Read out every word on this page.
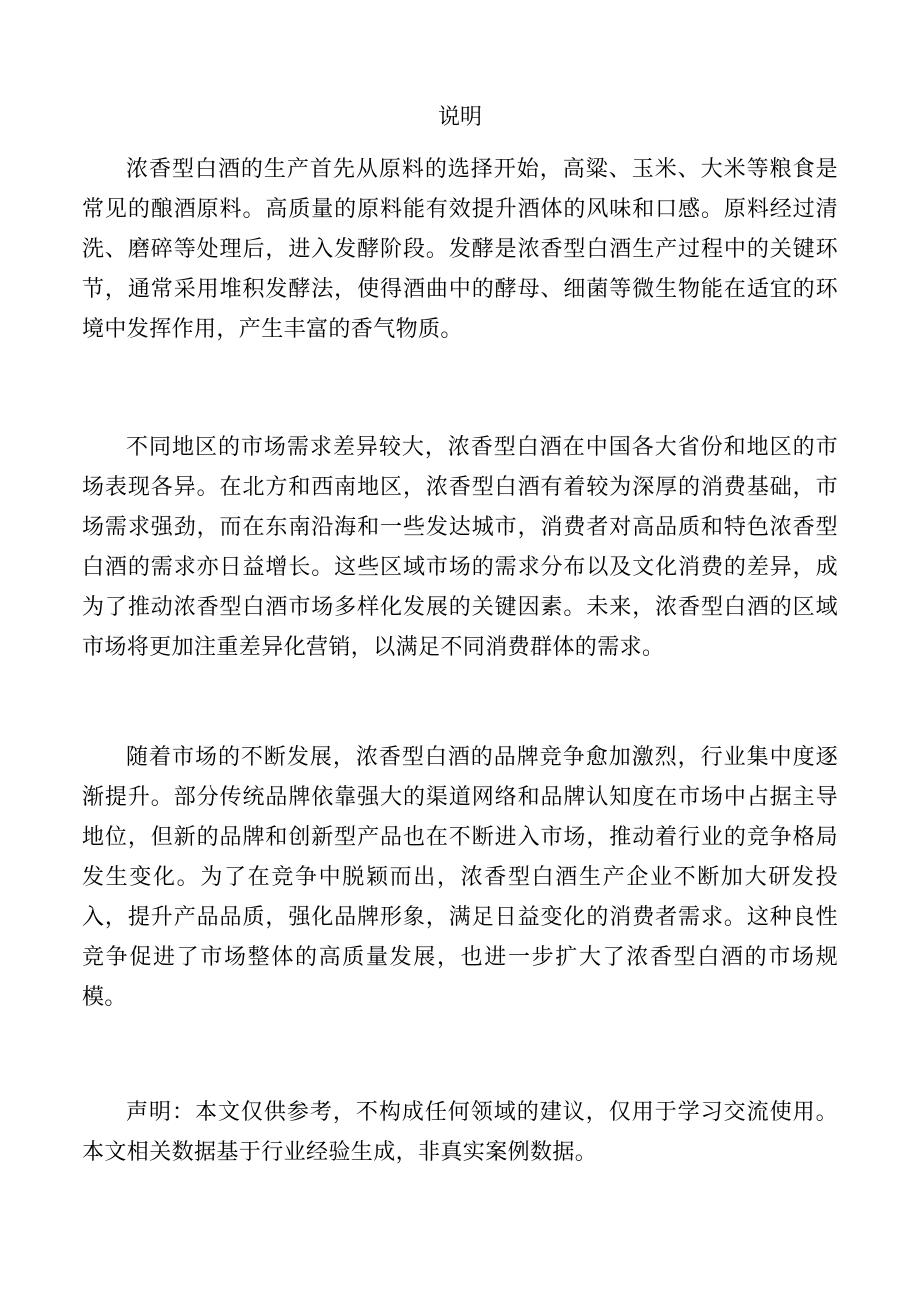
说明

浓香型白酒的生产首先从原料的选择开始，高粱、玉米、大米等粮食是常见的酿酒原料。高质量的原料能有效提升酒体的风味和口感。原料经过清洗、磨碎等处理后，进入发酵阶段。发酵是浓香型白酒生产过程中的关键环节，通常采用堆积发酵法，使得酒曲中的酵母、细菌等微生物能在适宜的环境中发挥作用，产生丰富的香气物质。

不同地区的市场需求差异较大，浓香型白酒在中国各大省份和地区的市场表现各异。在北方和西南地区，浓香型白酒有着较为深厚的消费基础，市场需求强劲，而在东南沿海和一些发达城市，消费者对高品质和特色浓香型白酒的需求亦日益增长。这些区域市场的需求分布以及文化消费的差异，成为了推动浓香型白酒市场多样化发展的关键因素。未来，浓香型白酒的区域市场将更加注重差异化营销，以满足不同消费群体的需求。

随着市场的不断发展，浓香型白酒的品牌竞争愈加激烈，行业集中度逐渐提升。部分传统品牌依靠强大的渠道网络和品牌认知度在市场中占据主导地位，但新的品牌和创新型产品也在不断进入市场，推动着行业的竞争格局发生变化。为了在竞争中脱颖而出，浓香型白酒生产企业不断加大研发投入，提升产品品质，强化品牌形象，满足日益变化的消费者需求。这种良性竞争促进了市场整体的高质量发展，也进一步扩大了浓香型白酒的市场规模。

声明：本文仅供参考，不构成任何领域的建议，仅用于学习交流使用。本文相关数据基于行业经验生成，非真实案例数据。
